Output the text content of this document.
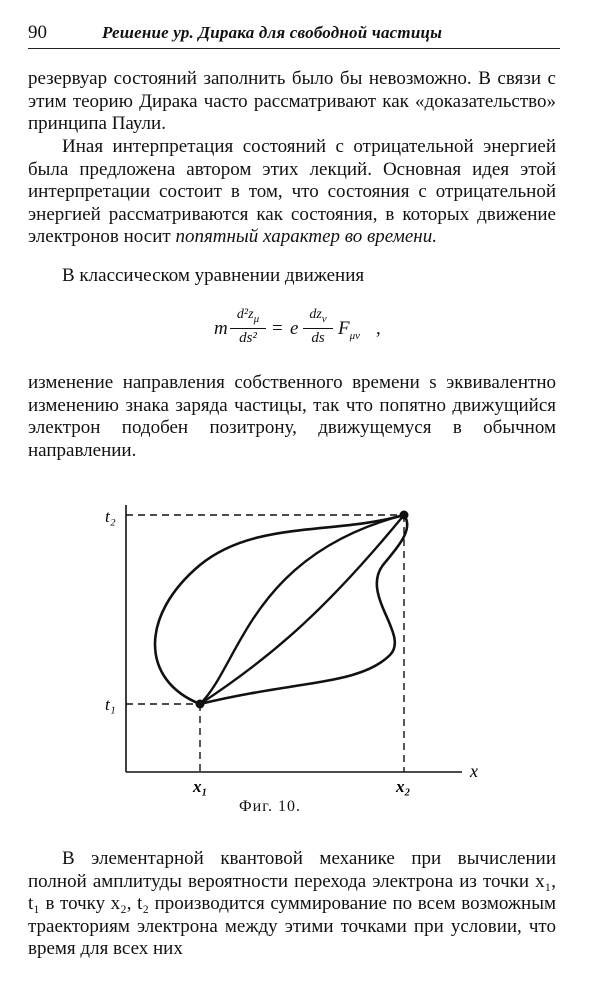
90	Решение ур. Дирака для свободной частицы

резервуар состояний заполнить было бы невозможно. В связи с этим теорию Дирака часто рассматривают как «доказательство» принципа Паули.

Иная интерпретация состояний с отрицательной энергией была предложена автором этих лекций. Основная идея этой интерпретации состоит в том, что состояния с отрицательной энергией рассматриваются как состояния, в которых движение электронов носит попятный характер во времени.

В классическом уравнении движения

m
$d^2z_\mu$
ds² = e
$dz_\nu$
ds $F_{\mu\nu}$ ,

изменение направления собственного времени s эквивалентно изменению знака заряда частицы, так что попятно движущийся электрон подобен позитрону, движущемуся в обычном направлении.

t₂
t₁
x₁	x₂
x
Фиг. 10.

В элементарной квантовой механике при вычислении полной амплитуды вероятности перехода электрона из точки x₁, t₁ в точку x₂, t₂ производится суммирование по всем возможным траекториям электрона между этими точками при условии, что время для всех них
